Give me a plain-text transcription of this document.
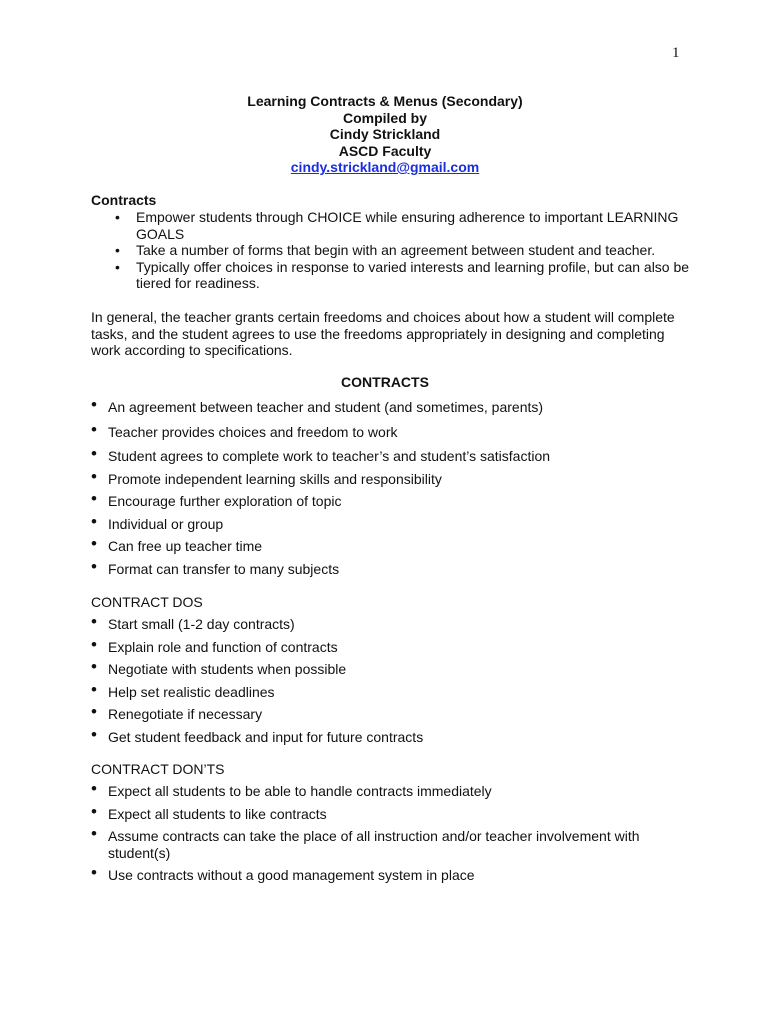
1
Learning Contracts & Menus (Secondary)
Compiled by
Cindy Strickland
ASCD Faculty
cindy.strickland@gmail.com
Contracts
• Empower students through CHOICE while ensuring adherence to important LEARNING GOALS
• Take a number of forms that begin with an agreement between student and teacher.
• Typically offer choices in response to varied interests and learning profile, but can also be tiered for readiness.
In general, the teacher grants certain freedoms and choices about how a student will complete tasks, and the student agrees to use the freedoms appropriately in designing and completing work according to specifications.
CONTRACTS
• An agreement between teacher and student (and sometimes, parents)
• Teacher provides choices and freedom to work
• Student agrees to complete work to teacher’s and student’s satisfaction
• Promote independent learning skills and responsibility
• Encourage further exploration of topic
• Individual or group
• Can free up teacher time
• Format can transfer to many subjects
CONTRACT DOS
• Start small (1-2 day contracts)
• Explain role and function of contracts
• Negotiate with students when possible
• Help set realistic deadlines
• Renegotiate if necessary
• Get student feedback and input for future contracts
CONTRACT DON’TS
• Expect all students to be able to handle contracts immediately
• Expect all students to like contracts
• Assume contracts can take the place of all instruction and/or teacher involvement with student(s)
• Use contracts without a good management system in place
